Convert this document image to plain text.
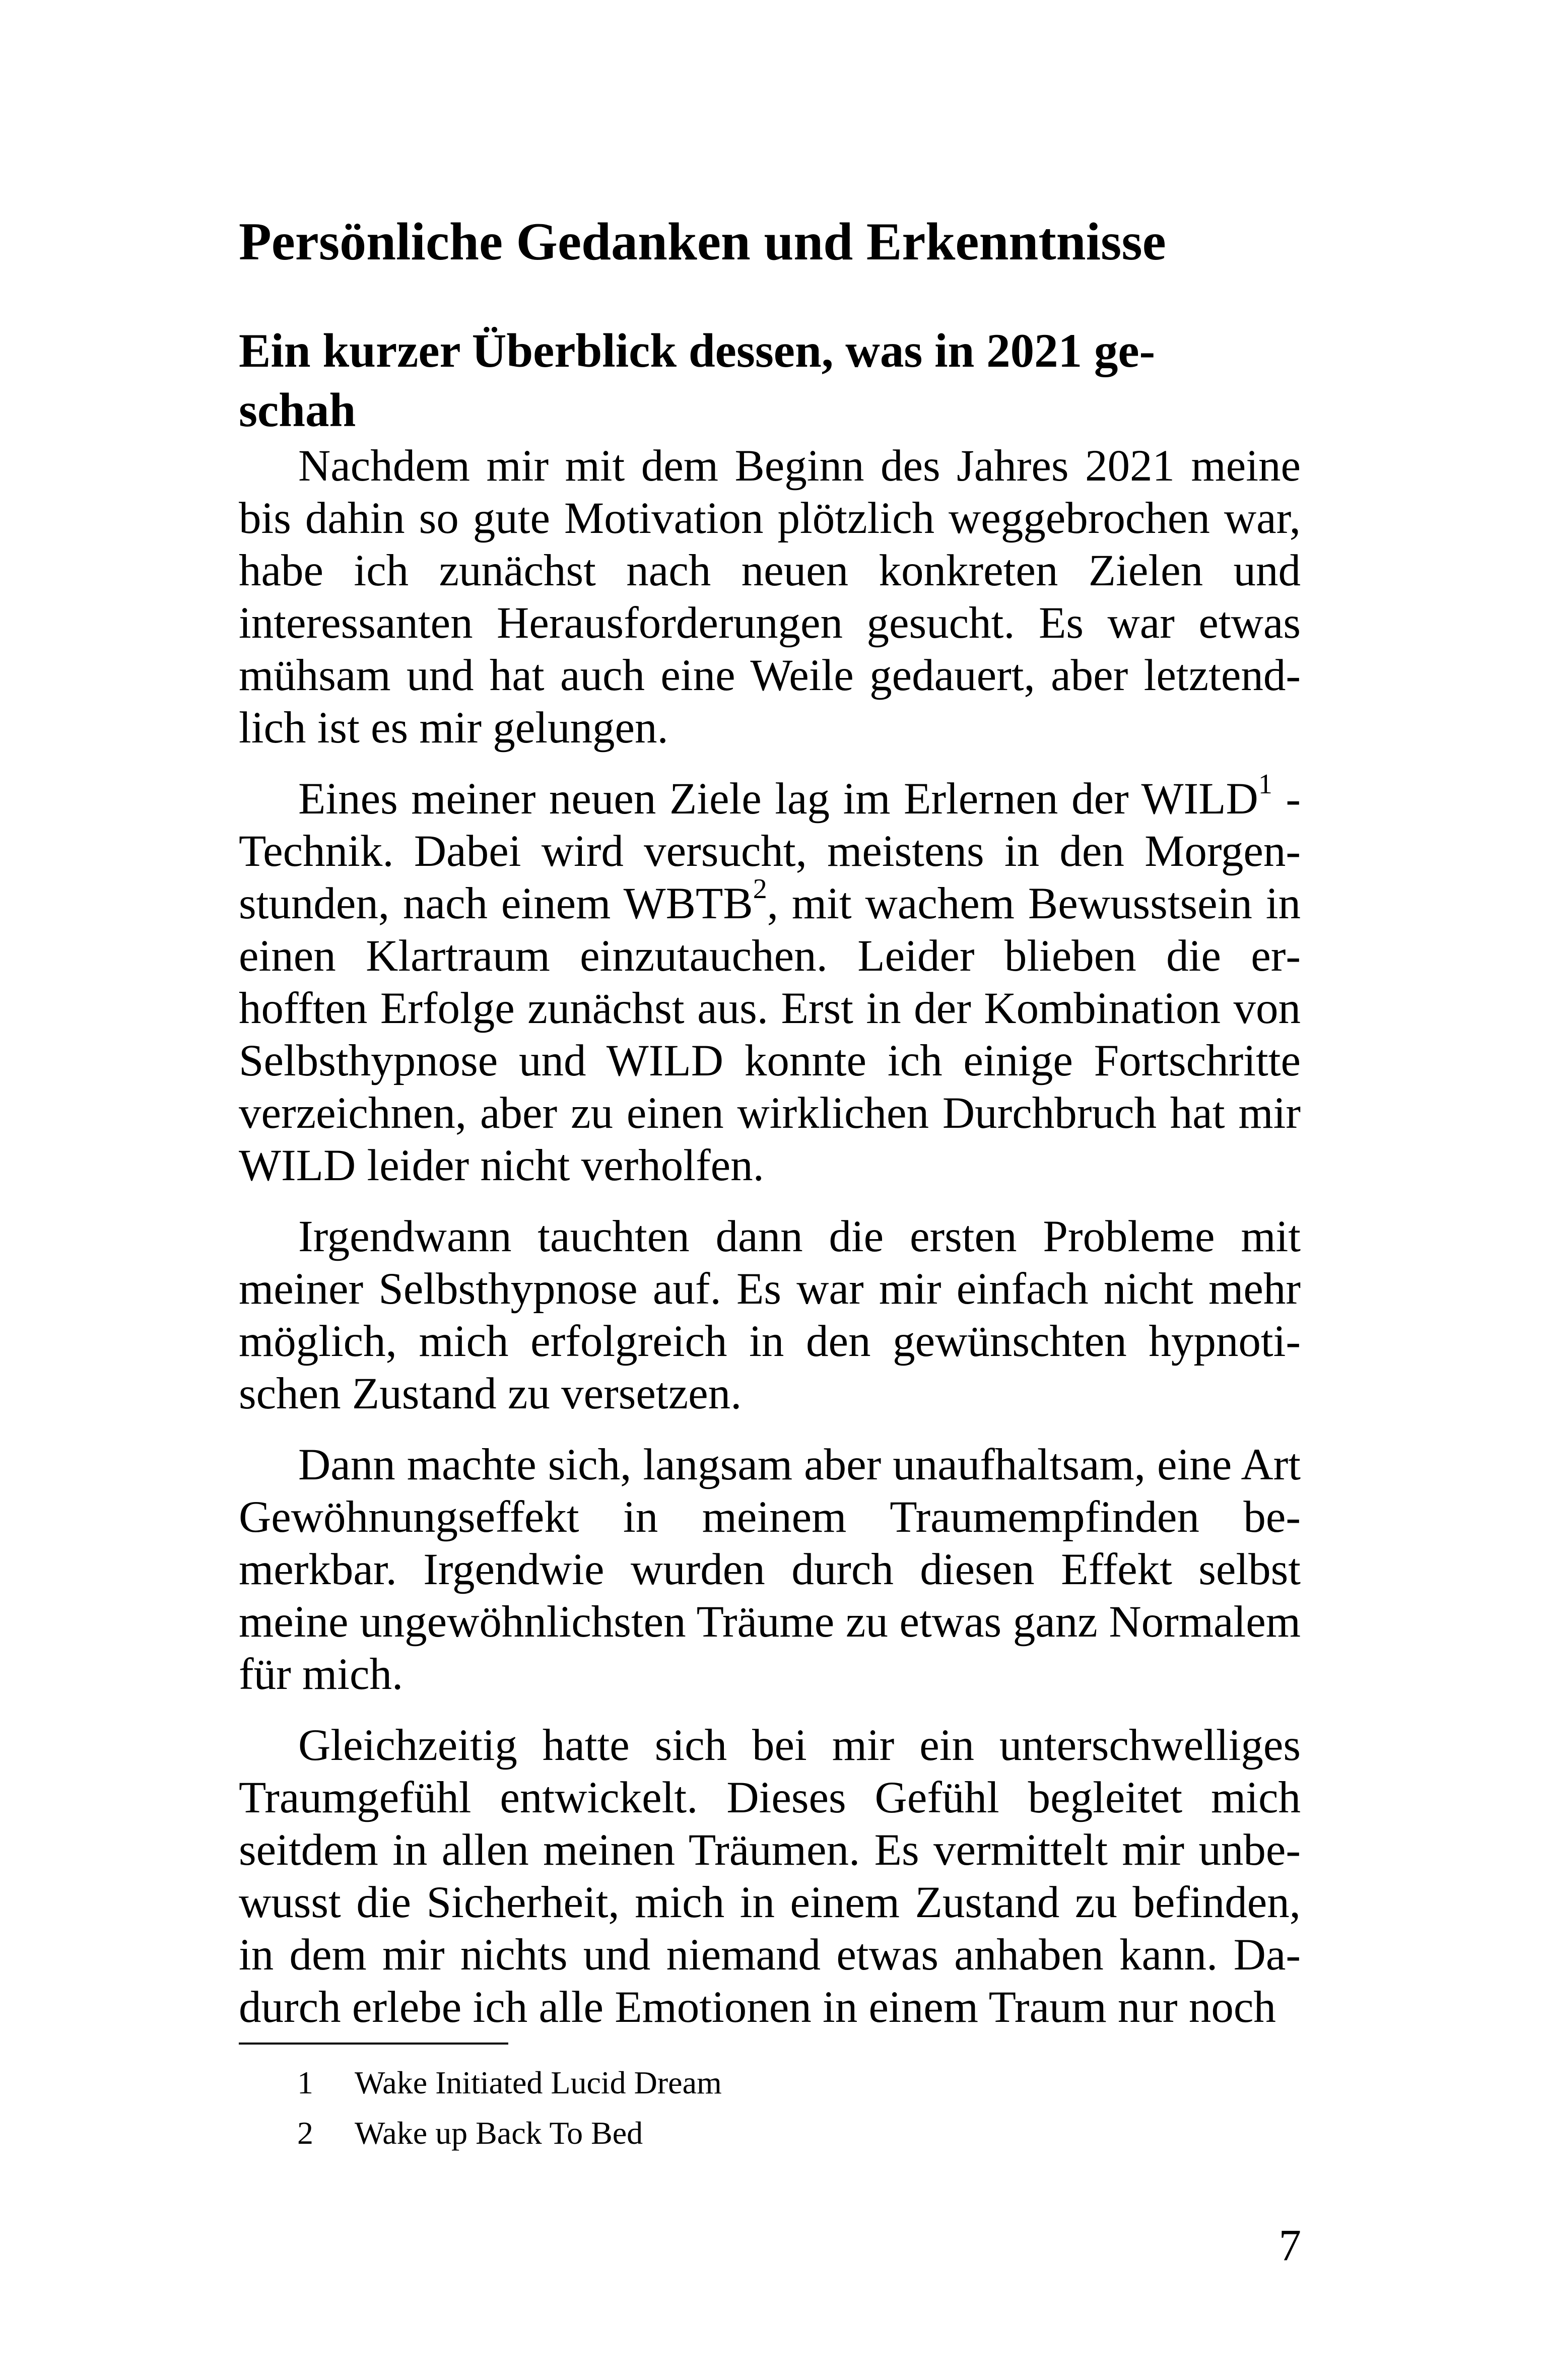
Persönliche Gedanken und Erkenntnisse
Ein kurzer Überblick dessen, was in 2021 ge-
schah

Nachdem mir mit dem Beginn des Jahres 2021 meine bis dahin so gute Motivation plötzlich weggebrochen war, habe ich zunächst nach neuen konkreten Zielen und interessanten Herausforderungen gesucht. Es war etwas mühsam und hat auch eine Weile gedauert, aber letztendlich ist es mir gelungen.

Eines meiner neuen Ziele lag im Erlernen der WILD$^1$ -Technik. Dabei wird versucht, meistens in den Morgenstunden, nach einem WBTB$^2$, mit wachem Bewusstsein in einen Klartraum einzutauchen. Leider blieben die erhofften Erfolge zunächst aus. Erst in der Kombination von Selbsthypnose und WILD konnte ich einige Fortschritte verzeichnen, aber zu einen wirklichen Durchbruch hat mir WILD leider nicht verholfen.

Irgendwann tauchten dann die ersten Probleme mit meiner Selbsthypnose auf. Es war mir einfach nicht mehr möglich, mich erfolgreich in den gewünschten hypnotischen Zustand zu versetzen.

Dann machte sich, langsam aber unaufhaltsam, eine Art Gewöhnungseffekt in meinem Traumempfinden bemerkbar. Irgendwie wurden durch diesen Effekt selbst meine ungewöhnlichsten Träume zu etwas ganz Normalem für mich.

Gleichzeitig hatte sich bei mir ein unterschwelliges Traumgefühl entwickelt. Dieses Gefühl begleitet mich seitdem in allen meinen Träumen. Es vermittelt mir unbewusst die Sicherheit, mich in einem Zustand zu befinden, in dem mir nichts und niemand etwas anhaben kann. Dadurch erlebe ich alle Emotionen in einem Traum nur noch

1	Wake Initiated Lucid Dream
2	Wake up Back To Bed
7
